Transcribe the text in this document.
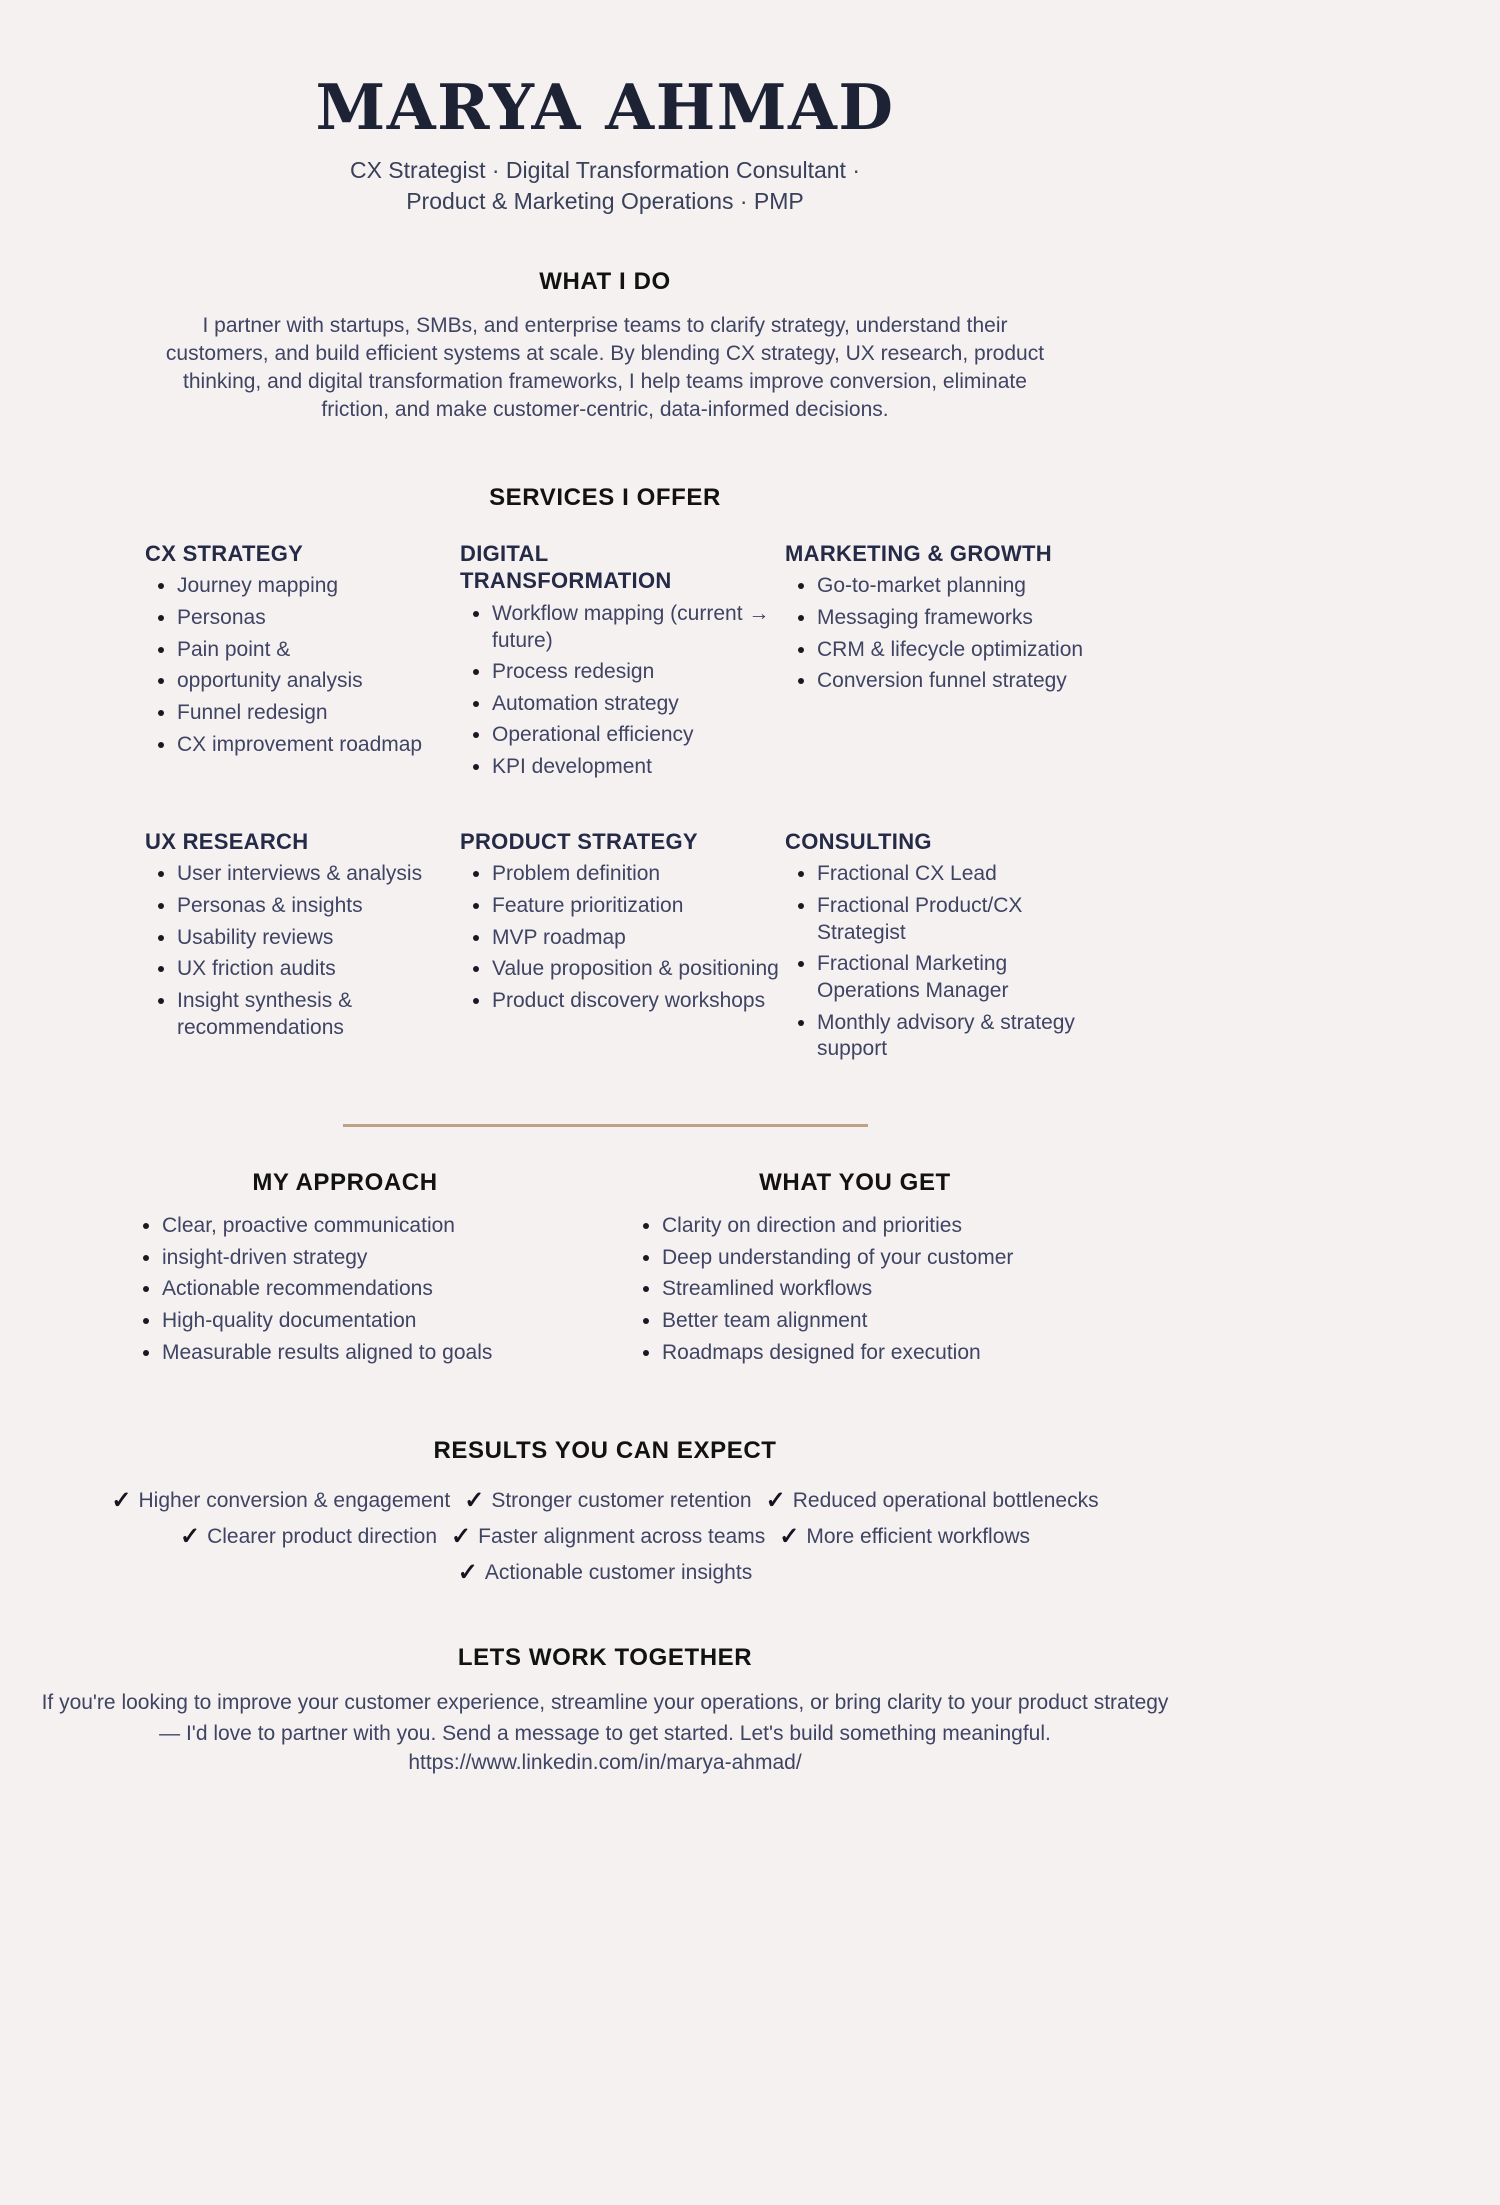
MARYA AHMAD
CX Strategist · Digital Transformation Consultant ·
Product & Marketing Operations · PMP
WHAT I DO

I partner with startups, SMBs, and enterprise teams to clarify strategy, understand their customers, and build efficient systems at scale. By blending CX strategy, UX research, product thinking, and digital transformation frameworks, I help teams improve conversion, eliminate friction, and make customer-centric, data-informed decisions.

SERVICES I OFFER
CX STRATEGY
• Journey mapping
• Personas
• Pain point &
• opportunity analysis
• Funnel redesign
• CX improvement roadmap
DIGITAL TRANSFORMATION
• Workflow mapping (current → future)
• Process redesign
• Automation strategy
• Operational efficiency
• KPI development
MARKETING & GROWTH
• Go-to-market planning
• Messaging frameworks
• CRM & lifecycle optimization
• Conversion funnel strategy
UX RESEARCH
• User interviews & analysis
• Personas & insights
• Usability reviews
• UX friction audits
• Insight synthesis & recommendations
PRODUCT STRATEGY
• Problem definition
• Feature prioritization
• MVP roadmap
• Value proposition & positioning
• Product discovery workshops
CONSULTING
• Fractional CX Lead
• Fractional Product/CX Strategist
• Fractional Marketing Operations Manager
• Monthly advisory & strategy support
MY APPROACH
• Clear, proactive communication
• insight-driven strategy
• Actionable recommendations
• High-quality documentation
• Measurable results aligned to goals
WHAT YOU GET
• Clarity on direction and priorities
• Deep understanding of your customer
• Streamlined workflows
• Better team alignment
• Roadmaps designed for execution
RESULTS YOU CAN EXPECT
✓ Higher conversion & engagement ✓ Stronger customer retention ✓ Reduced operational bottlenecks
✓ Clearer product direction ✓ Faster alignment across teams ✓ More efficient workflows
✓ Actionable customer insights
LETS WORK TOGETHER

If you're looking to improve your customer experience, streamline your operations, or bring clarity to your product strategy — I'd love to partner with you. Send a message to get started. Let's build something meaningful.

https://www.linkedin.com/in/marya-ahmad/
